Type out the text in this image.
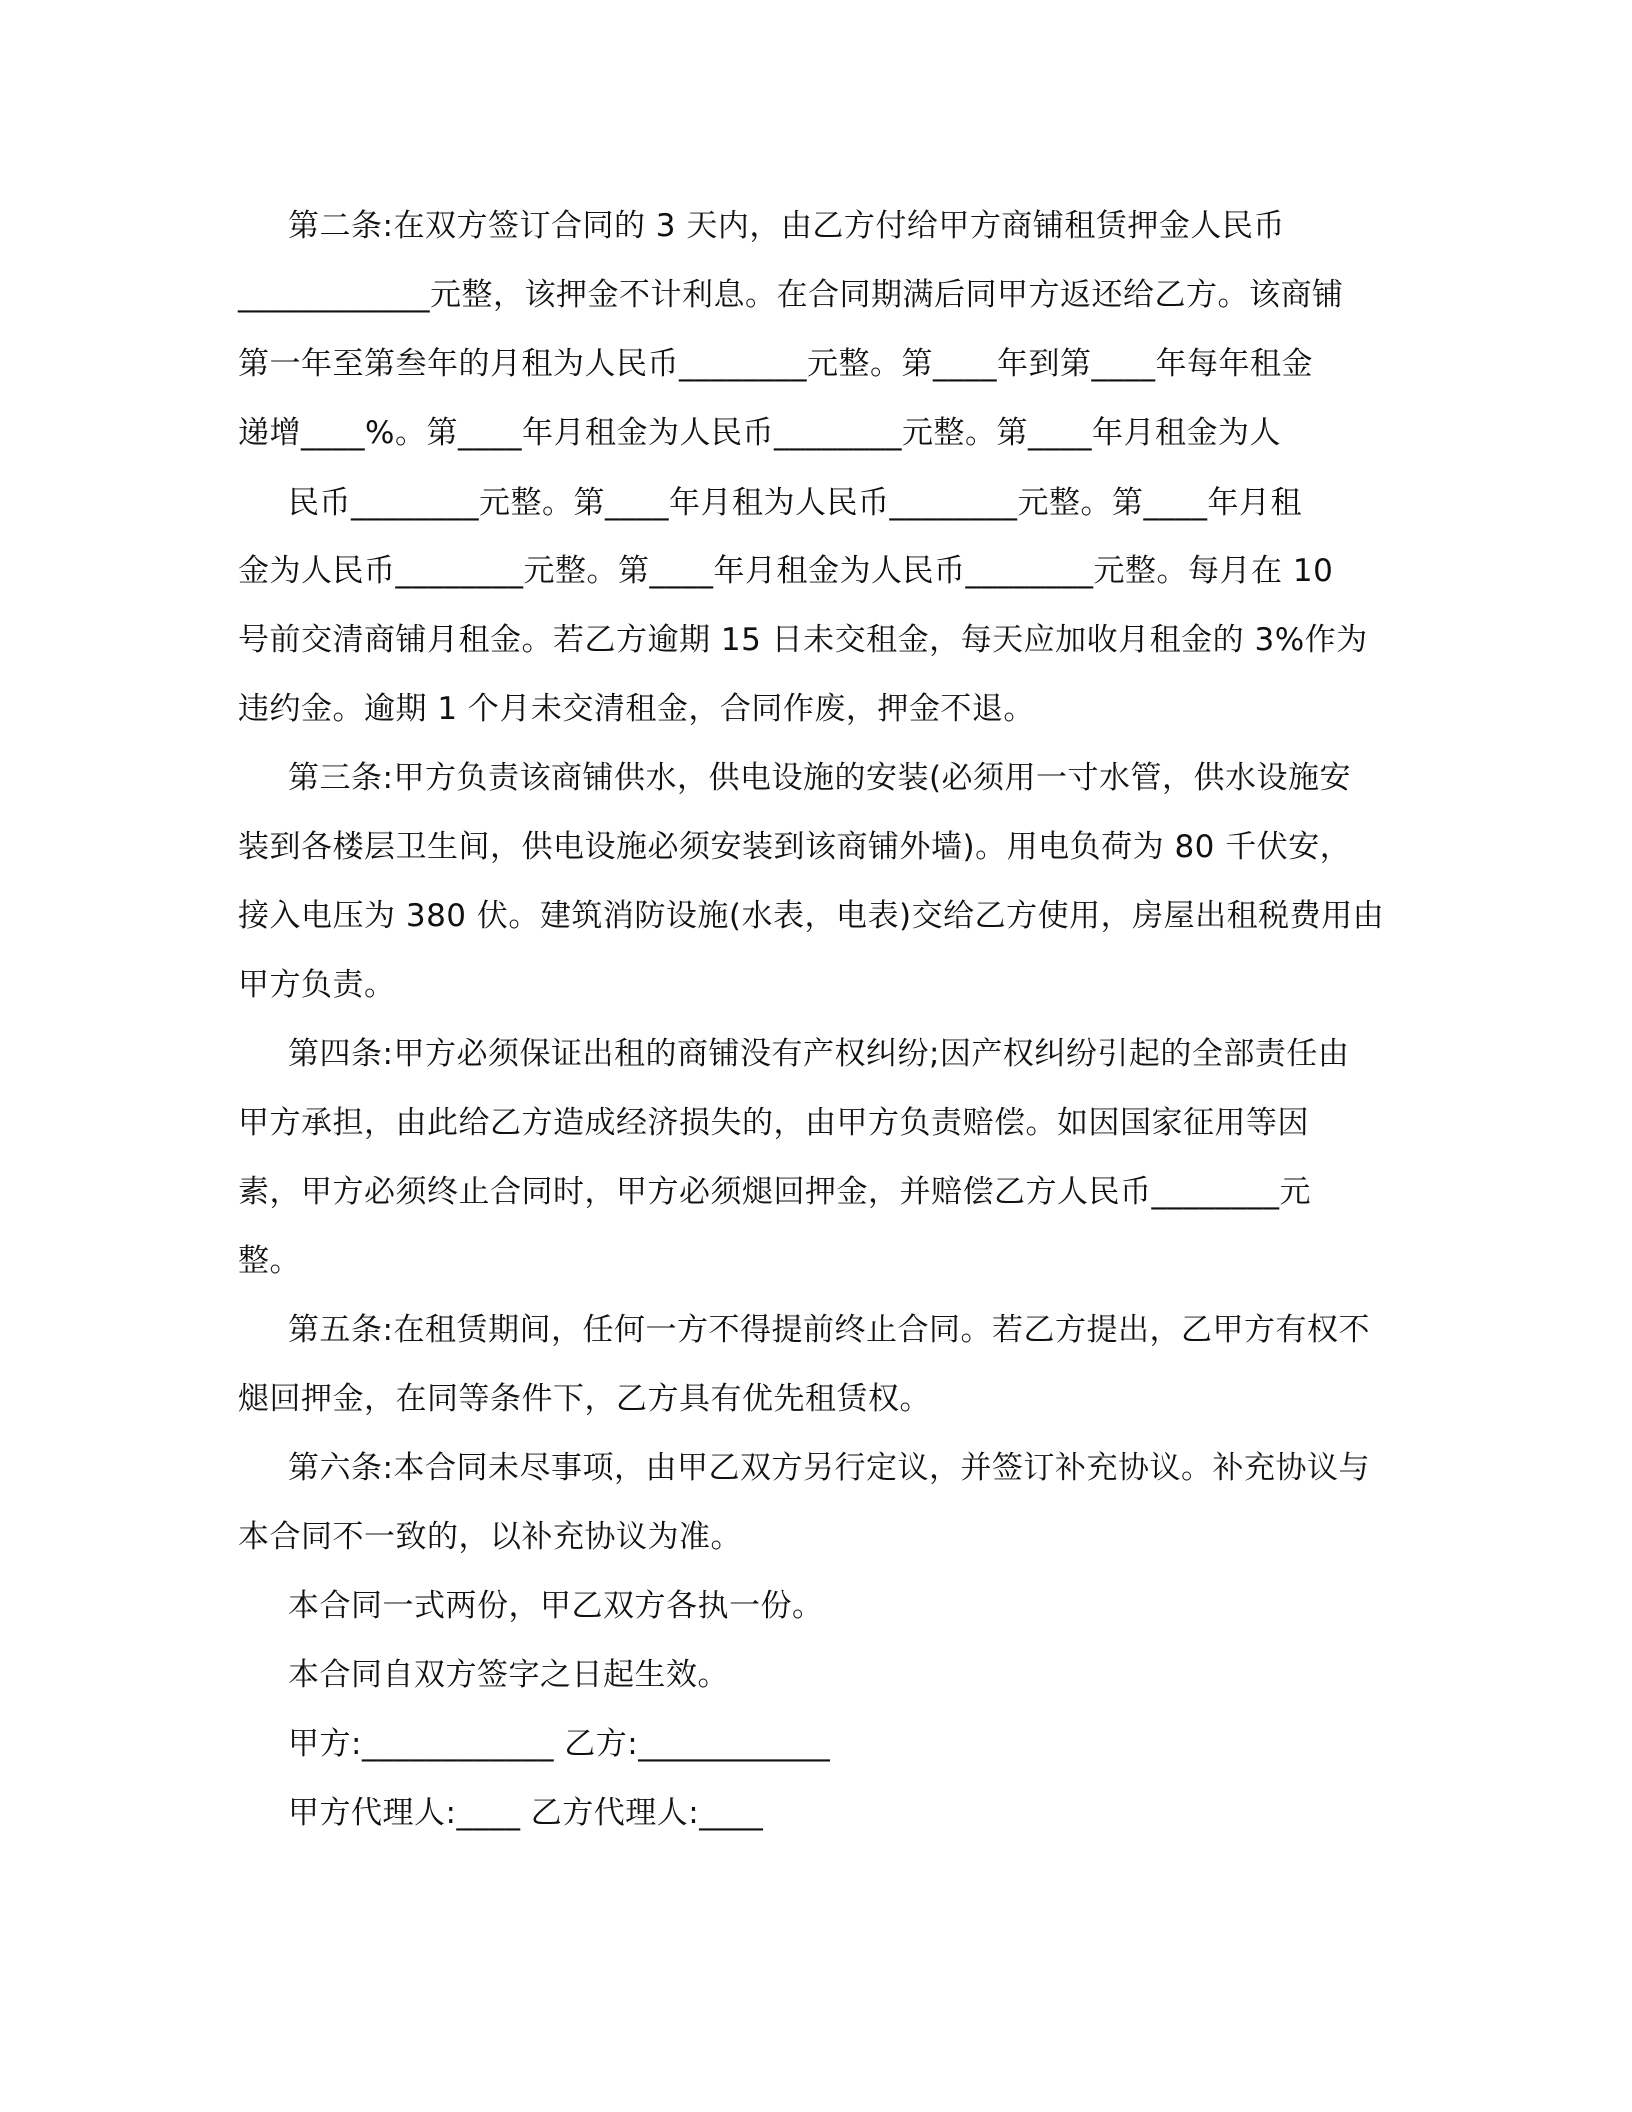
第二条:在双方签订合同的 3 天内，由乙方付给甲方商铺租赁押金人民币
____________元整，该押金不计利息。在合同期满后同甲方返还给乙方。该商铺
第一年至第叁年的月租为人民币________元整。第____年到第____年每年租金
递增____%。第____年月租金为人民币________元整。第____年月租金为人
民币________元整。第____年月租为人民币________元整。第____年月租
金为人民币________元整。第____年月租金为人民币________元整。每月在 10
号前交清商铺月租金。若乙方逾期 15 日未交租金，每天应加收月租金的 3%作为
违约金。逾期 1 个月未交清租金，合同作废，押金不退。
第三条:甲方负责该商铺供水，供电设施的安装(必须用一寸水管，供水设施安
装到各楼层卫生间，供电设施必须安装到该商铺外墙)。用电负荷为 80 千伏安，
接入电压为 380 伏。建筑消防设施(水表，电表)交给乙方使用，房屋出租税费用由
甲方负责。
第四条:甲方必须保证出租的商铺没有产权纠纷;因产权纠纷引起的全部责任由
甲方承担，由此给乙方造成经济损失的，由甲方负责赔偿。如因国家征用等因
素，甲方必须终止合同时，甲方必须煺回押金，并赔偿乙方人民币________元
整。
第五条:在租赁期间，任何一方不得提前终止合同。若乙方提出，乙甲方有权不
煺回押金，在同等条件下，乙方具有优先租赁权。
第六条:本合同未尽事项，由甲乙双方另行定议，并签订补充协议。补充协议与
本合同不一致的，以补充协议为准。
本合同一式两份，甲乙双方各执一份。
本合同自双方签字之日起生效。
甲方:____________ 乙方:____________
甲方代理人:____ 乙方代理人:____
